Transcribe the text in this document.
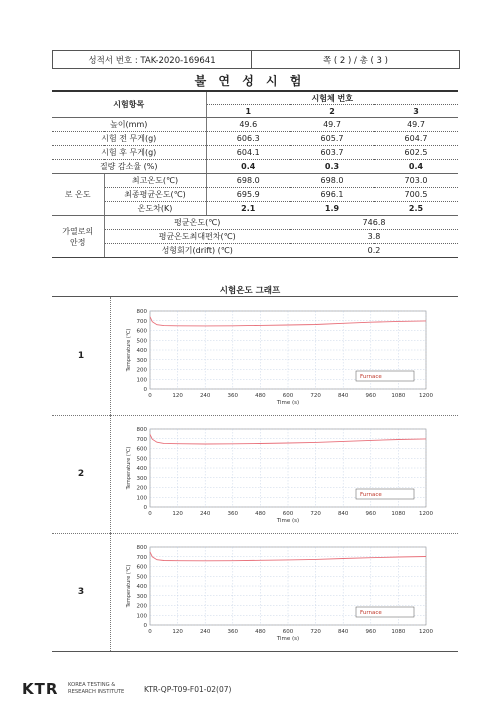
성적서 번호 : TAK-2020-169641	쪽 ( 2 ) / 총 ( 3 )
불 연 성 시 험
시험항목		시험체 번호		
		1	2	3
높이(mm)		49.6	49.7	49.7
시험 전 무게(g)		606.3	605.7	604.7
시험 후 무게(g)		604.1	603.7	602.5
질량 감소율 (%)		0.4	0.3	0.4
로 온도	최고온도(℃)	698.0	698.0	703.0
	최종평균온도(℃)	695.9	696.1	700.5
	온도차(K)	2.1	1.9	2.5
가열로의
안정	평균온도(℃)		746.8	
	평균온도최대편차(℃)		3.8	
	성형회기(drift) (℃)		0.2	
시험온도 그래프
1
0
100
200
300
400
500
600
700
800
0	120	240	360	480	600	720	840	960	1080 1200
Time (s)
Temperature (℃)
Furnace
2
0
100
200
300
400
500
600
700
800
0	120	240	360	480	600	720	840	960	1080 1200
Time (s)
Temperature (℃)
Furnace
3
0
100
200
300
400
500
600
700
800
0	120	240	360	480	600	720	840	960	1080 1200
Time (s)
Temperature (℃)
Furnace
KTR KOREA TESTING &
RESEARCH INSTITUTE	KTR-QP-T09-F01-02(07)
